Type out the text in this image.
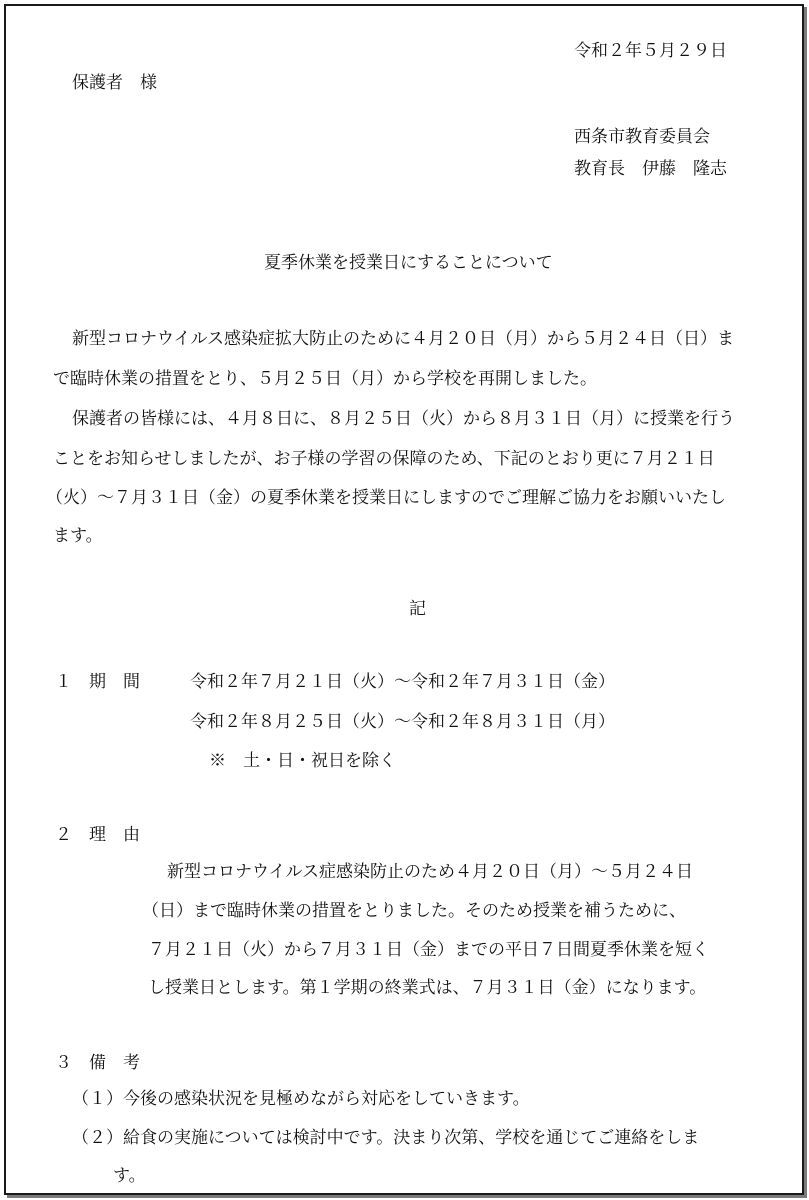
令和２年５月２９日
保護者　様
西条市教育委員会
教育長　伊藤　隆志
夏季休業を授業日にすることについて
新型コロナウイルス感染症拡大防止のために４月２０日（月）から５月２４日（日）ま
で臨時休業の措置をとり、５月２５日（月）から学校を再開しました。
保護者の皆様には、４月８日に、８月２５日（火）から８月３１日（月）に授業を行う
ことをお知らせしましたが、お子様の学習の保障のため、下記のとおり更に７月２１日
（火）～７月３１日（金）の夏季休業を授業日にしますのでご理解ご協力をお願いいたし
ます。
記
１　期　間	令和２年７月２１日（火）～令和２年７月３１日（金）
令和２年８月２５日（火）～令和２年８月３１日（月）
※　土・日・祝日を除く
２　理　由
新型コロナウイルス症感染防止のため４月２０日（月）～５月２４日
（日）まで臨時休業の措置をとりました。そのため授業を補うために、
７月２１日（火）から７月３１日（金）までの平日７日間夏季休業を短く
し授業日とします。第１学期の終業式は、７月３１日（金）になります。
３　備　考
（１）今後の感染状況を見極めながら対応をしていきます。
（２）給食の実施については検討中です。決まり次第、学校を通じてご連絡をしま
す。
